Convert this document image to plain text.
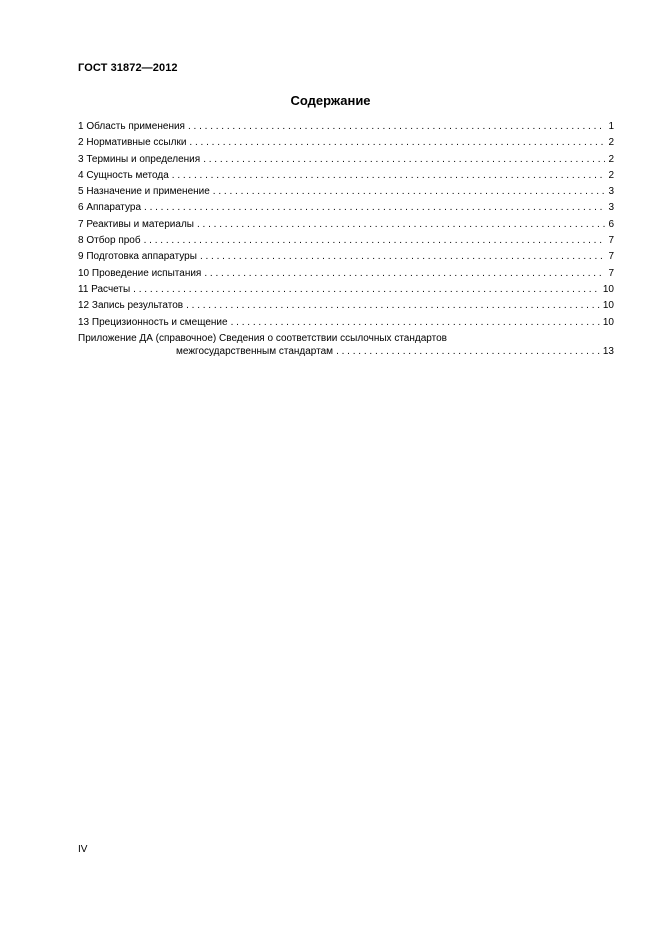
ГОСТ 31872—2012
Содержание
1 Область применения . . .	1
2 Нормативные ссылки . . .	2
3 Термины и определения . . .	2
4 Сущность метода . . .	2
5 Назначение и применение . . .	3
6 Аппаратура . . .	3
7 Реактивы и материалы . . .	6
8 Отбор проб . . .	7
9 Подготовка аппаратуры . . .	7
10 Проведение испытания . . .	7
11 Расчеты . . .	10
12 Запись результатов . . .	10
13 Прецизионность и смещение . . .	10
Приложение ДА (справочное) Сведения о соответствии ссылочных стандартов
межгосударственным стандартам . . .	13
IV
